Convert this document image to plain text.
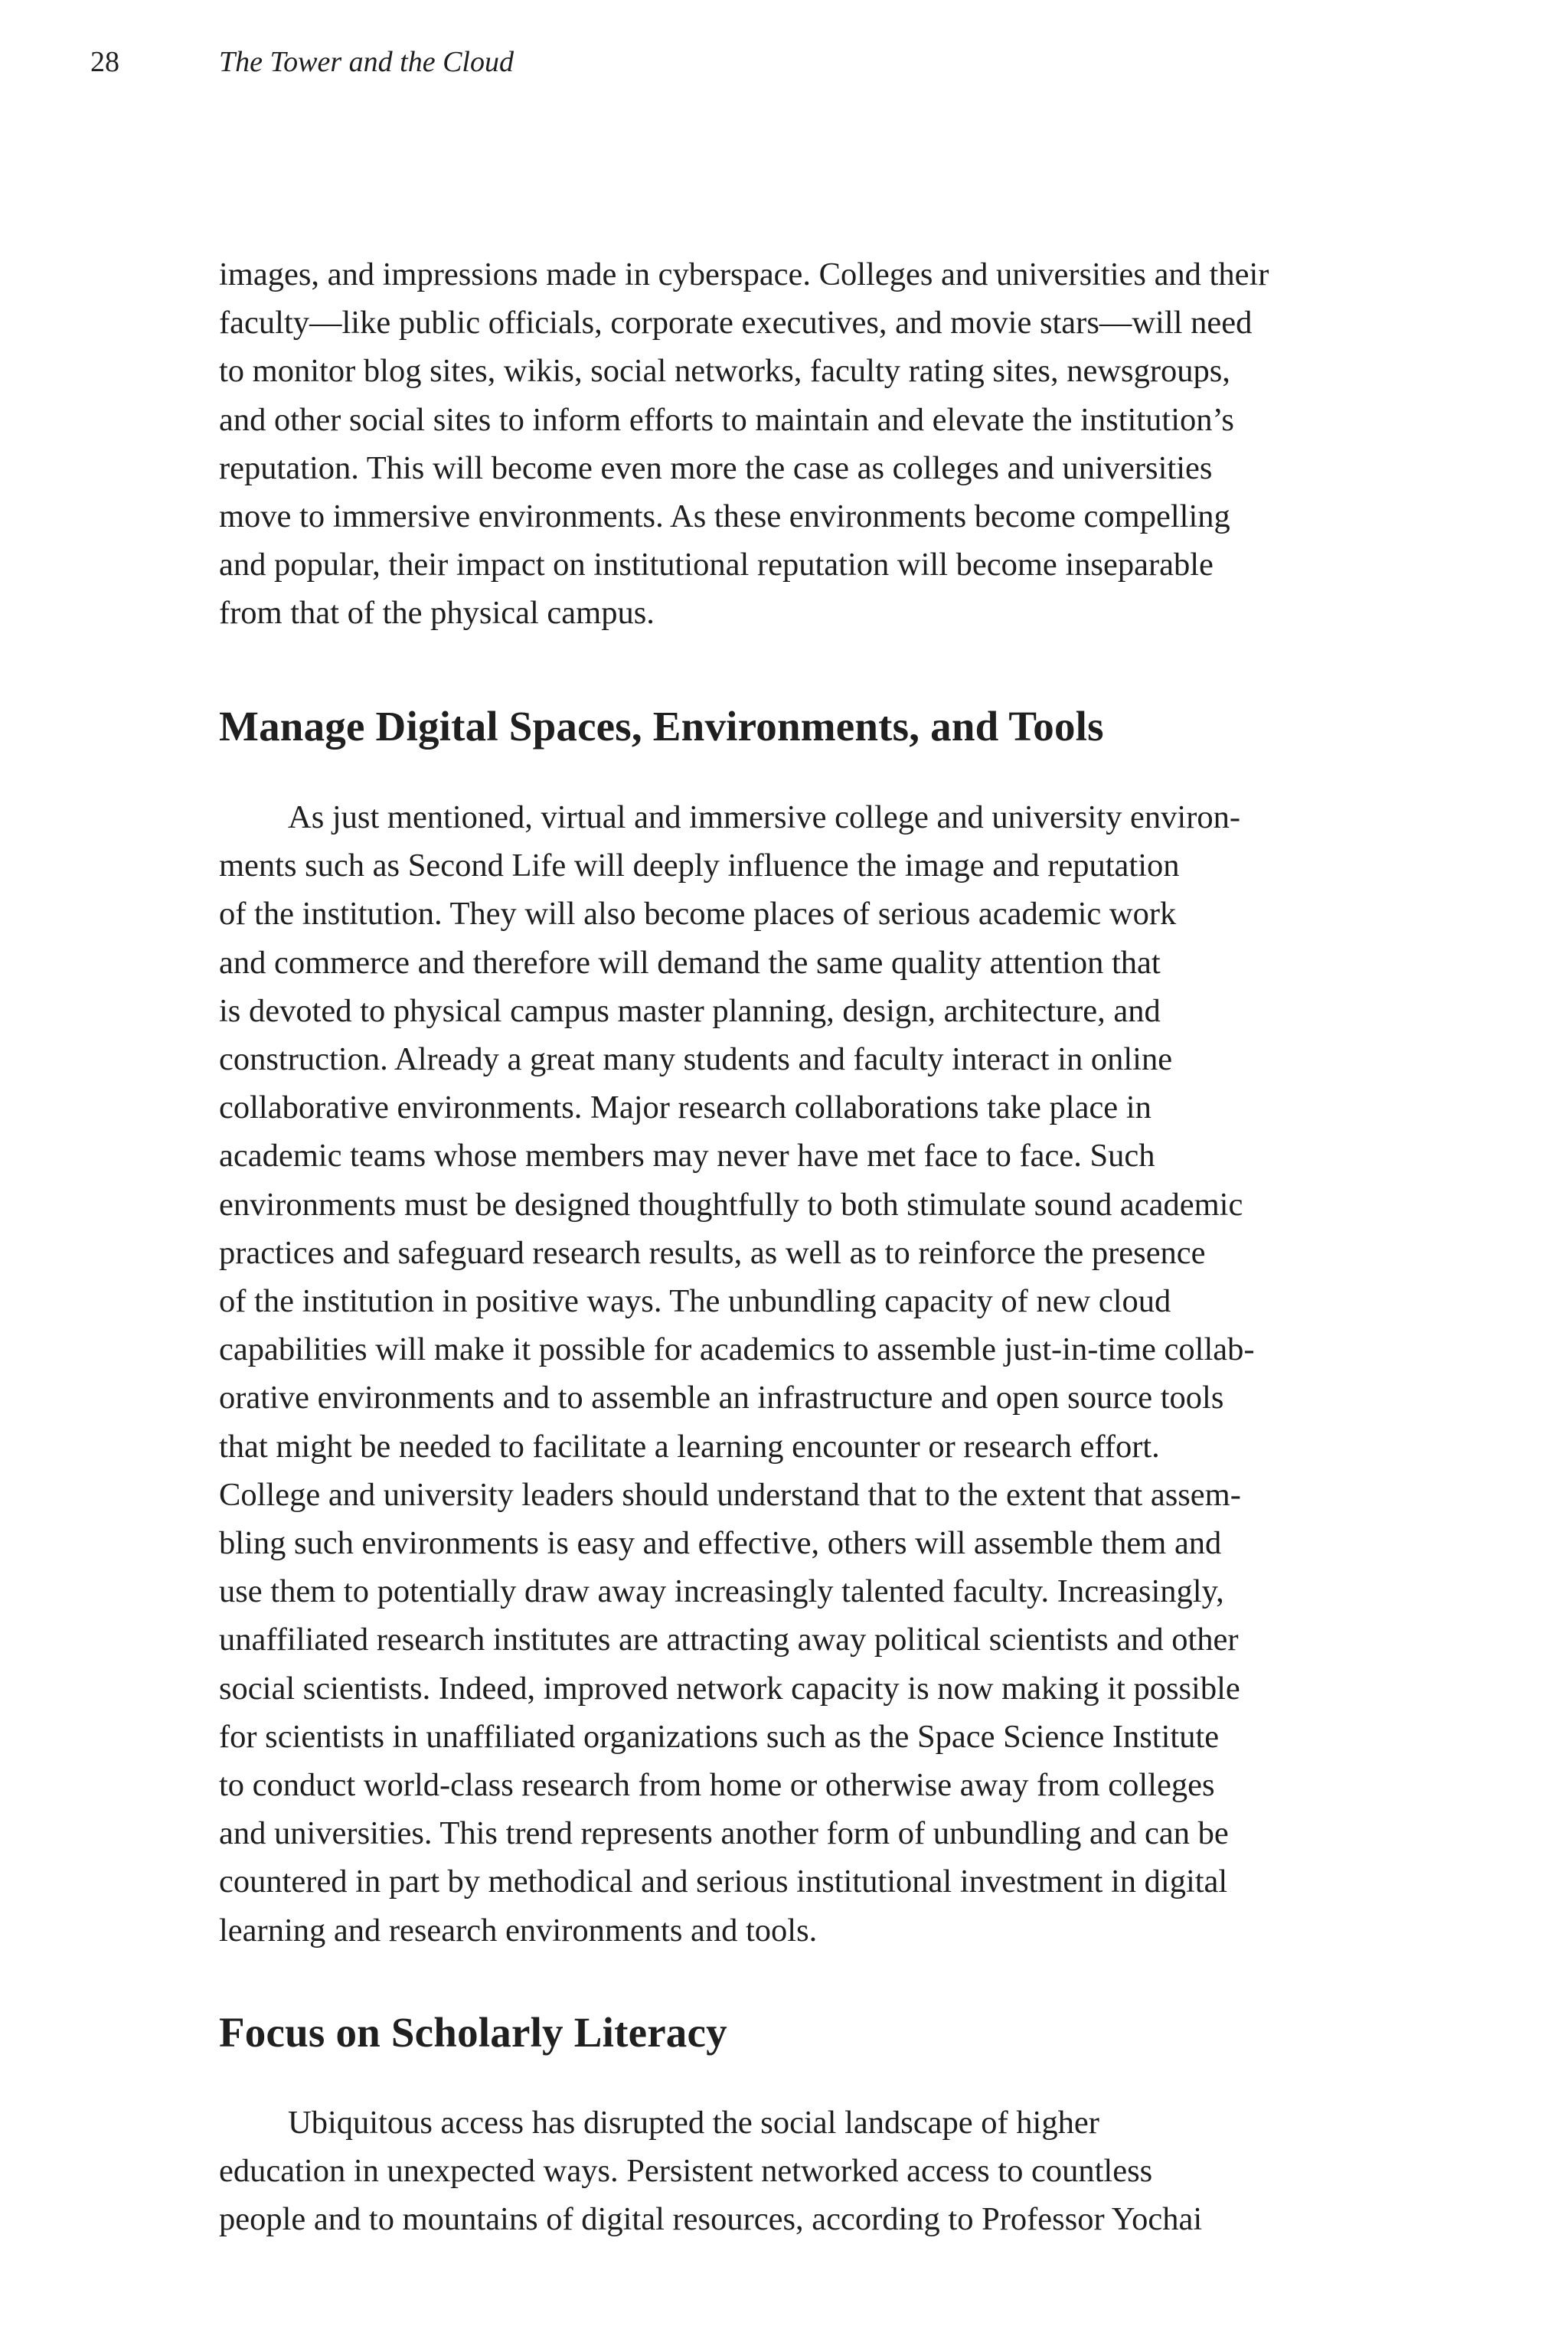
28	The Tower and the Cloud

images, and impressions made in cyberspace. Colleges and universities and their
faculty—like public officials, corporate executives, and movie stars—will need
to monitor blog sites, wikis, social networks, faculty rating sites, newsgroups,
and other social sites to inform efforts to maintain and elevate the institution’s
reputation. This will become even more the case as colleges and universities
move to immersive environments. As these environments become compelling
and popular, their impact on institutional reputation will become inseparable
from that of the physical campus.

Manage Digital Spaces, Environments, and Tools

As just mentioned, virtual and immersive college and university environ-
ments such as Second Life will deeply influence the image and reputation
of the institution. They will also become places of serious academic work
and commerce and therefore will demand the same quality attention that
is devoted to physical campus master planning, design, architecture, and
construction. Already a great many students and faculty interact in online
collaborative environments. Major research collaborations take place in
academic teams whose members may never have met face to face. Such
environments must be designed thoughtfully to both stimulate sound academic
practices and safeguard research results, as well as to reinforce the presence
of the institution in positive ways. The unbundling capacity of new cloud
capabilities will make it possible for academics to assemble just-in-time collab-
orative environments and to assemble an infrastructure and open source tools
that might be needed to facilitate a learning encounter or research effort.
College and university leaders should understand that to the extent that assem-
bling such environments is easy and effective, others will assemble them and
use them to potentially draw away increasingly talented faculty. Increasingly,
unaffiliated research institutes are attracting away political scientists and other
social scientists. Indeed, improved network capacity is now making it possible
for scientists in unaffiliated organizations such as the Space Science Institute
to conduct world-class research from home or otherwise away from colleges
and universities. This trend represents another form of unbundling and can be
countered in part by methodical and serious institutional investment in digital
learning and research environments and tools.

Focus on Scholarly Literacy

Ubiquitous access has disrupted the social landscape of higher
education in unexpected ways. Persistent networked access to countless
people and to mountains of digital resources, according to Professor Yochai
